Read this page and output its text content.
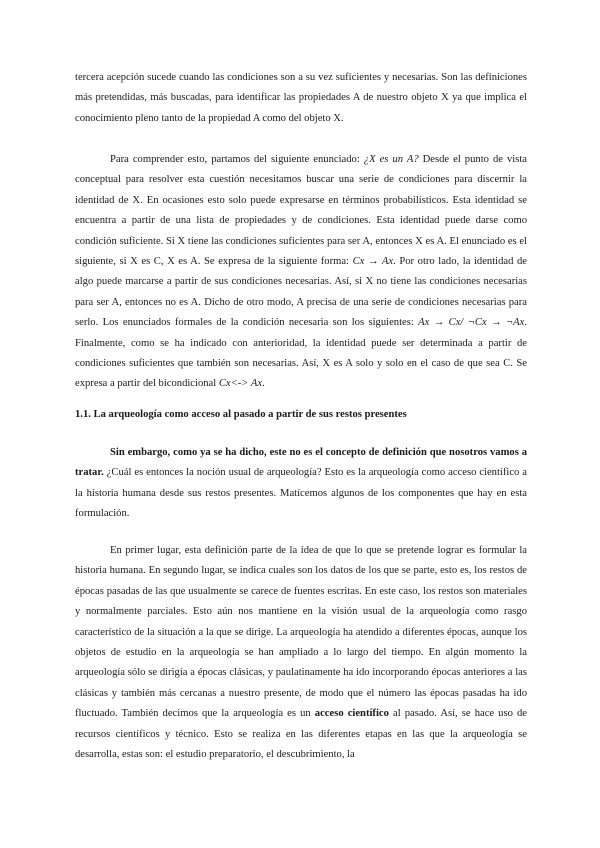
tercera acepción sucede cuando las condiciones son a su vez suficientes y necesarias. Son las definiciones más pretendidas, más buscadas, para identificar las propiedades A de nuestro objeto X ya que implica el conocimiento pleno tanto de la propiedad A como del objeto X.

Para comprender esto, partamos del siguiente enunciado: ¿X es un A? Desde el punto de vista conceptual para resolver esta cuestión necesitamos buscar una serie de condiciones para discernir la identidad de X. En ocasiones esto solo puede expresarse en términos probabilísticos. Esta identidad se encuentra a partir de una lista de propiedades y de condiciones. Esta identidad puede darse como condición suficiente. Si X tiene las condiciones suficientes para ser A, entonces X es A. El enunciado es el siguiente, si X es C, X es A. Se expresa de la siguiente forma: Cx → Ax. Por otro lado, la identidad de algo puede marcarse a partir de sus condiciones necesarias. Así, si X no tiene las condiciones necesarias para ser A, entonces no es A. Dicho de otro modo, A precisa de una serie de condiciones necesarias para serlo. Los enunciados formales de la condición necesaria son los siguientes: Ax → Cx/ ¬Cx → ¬Ax. Finalmente, como se ha indicado con anterioridad, la identidad puede ser determinada a partir de condiciones suficientes que también son necesarias. Así, X es A solo y solo en el caso de que sea C. Se expresa a partir del bicondicional Cx<-> Ax.

1.1. La arqueología como acceso al pasado a partir de sus restos presentes

Sin embargo, como ya se ha dicho, este no es el concepto de definición que nosotros vamos a tratar. ¿Cuál es entonces la noción usual de arqueología? Esto es la arqueología como acceso científico a la historia humana desde sus restos presentes. Matícemos algunos de los componentes que hay en esta formulación.

En primer lugar, esta definición parte de la idea de que lo que se pretende lograr es formular la historia humana. En segundo lugar, se indica cuales son los datos de los que se parte, esto es, los restos de épocas pasadas de las que usualmente se carece de fuentes escritas. En este caso, los restos son materiales y normalmente parciales. Esto aún nos mantiene en la visión usual de la arqueología como rasgo característico de la situación a la que se dirige. La arqueología ha atendido a diferentes épocas, aunque los objetos de estudio en la arqueología se han ampliado a lo largo del tiempo. En algún momento la arqueología sólo se dirigía a épocas clásicas, y paulatinamente ha ido incorporando épocas anteriores a las clásicas y también más cercanas a nuestro presente, de modo que el número las épocas pasadas ha ido fluctuado. También decimos que la arqueología es un acceso científico al pasado. Así, se hace uso de recursos científicos y técnico. Esto se realiza en las diferentes etapas en las que la arqueología se desarrolla, estas son: el estudio preparatorio, el descubrimiento, la
